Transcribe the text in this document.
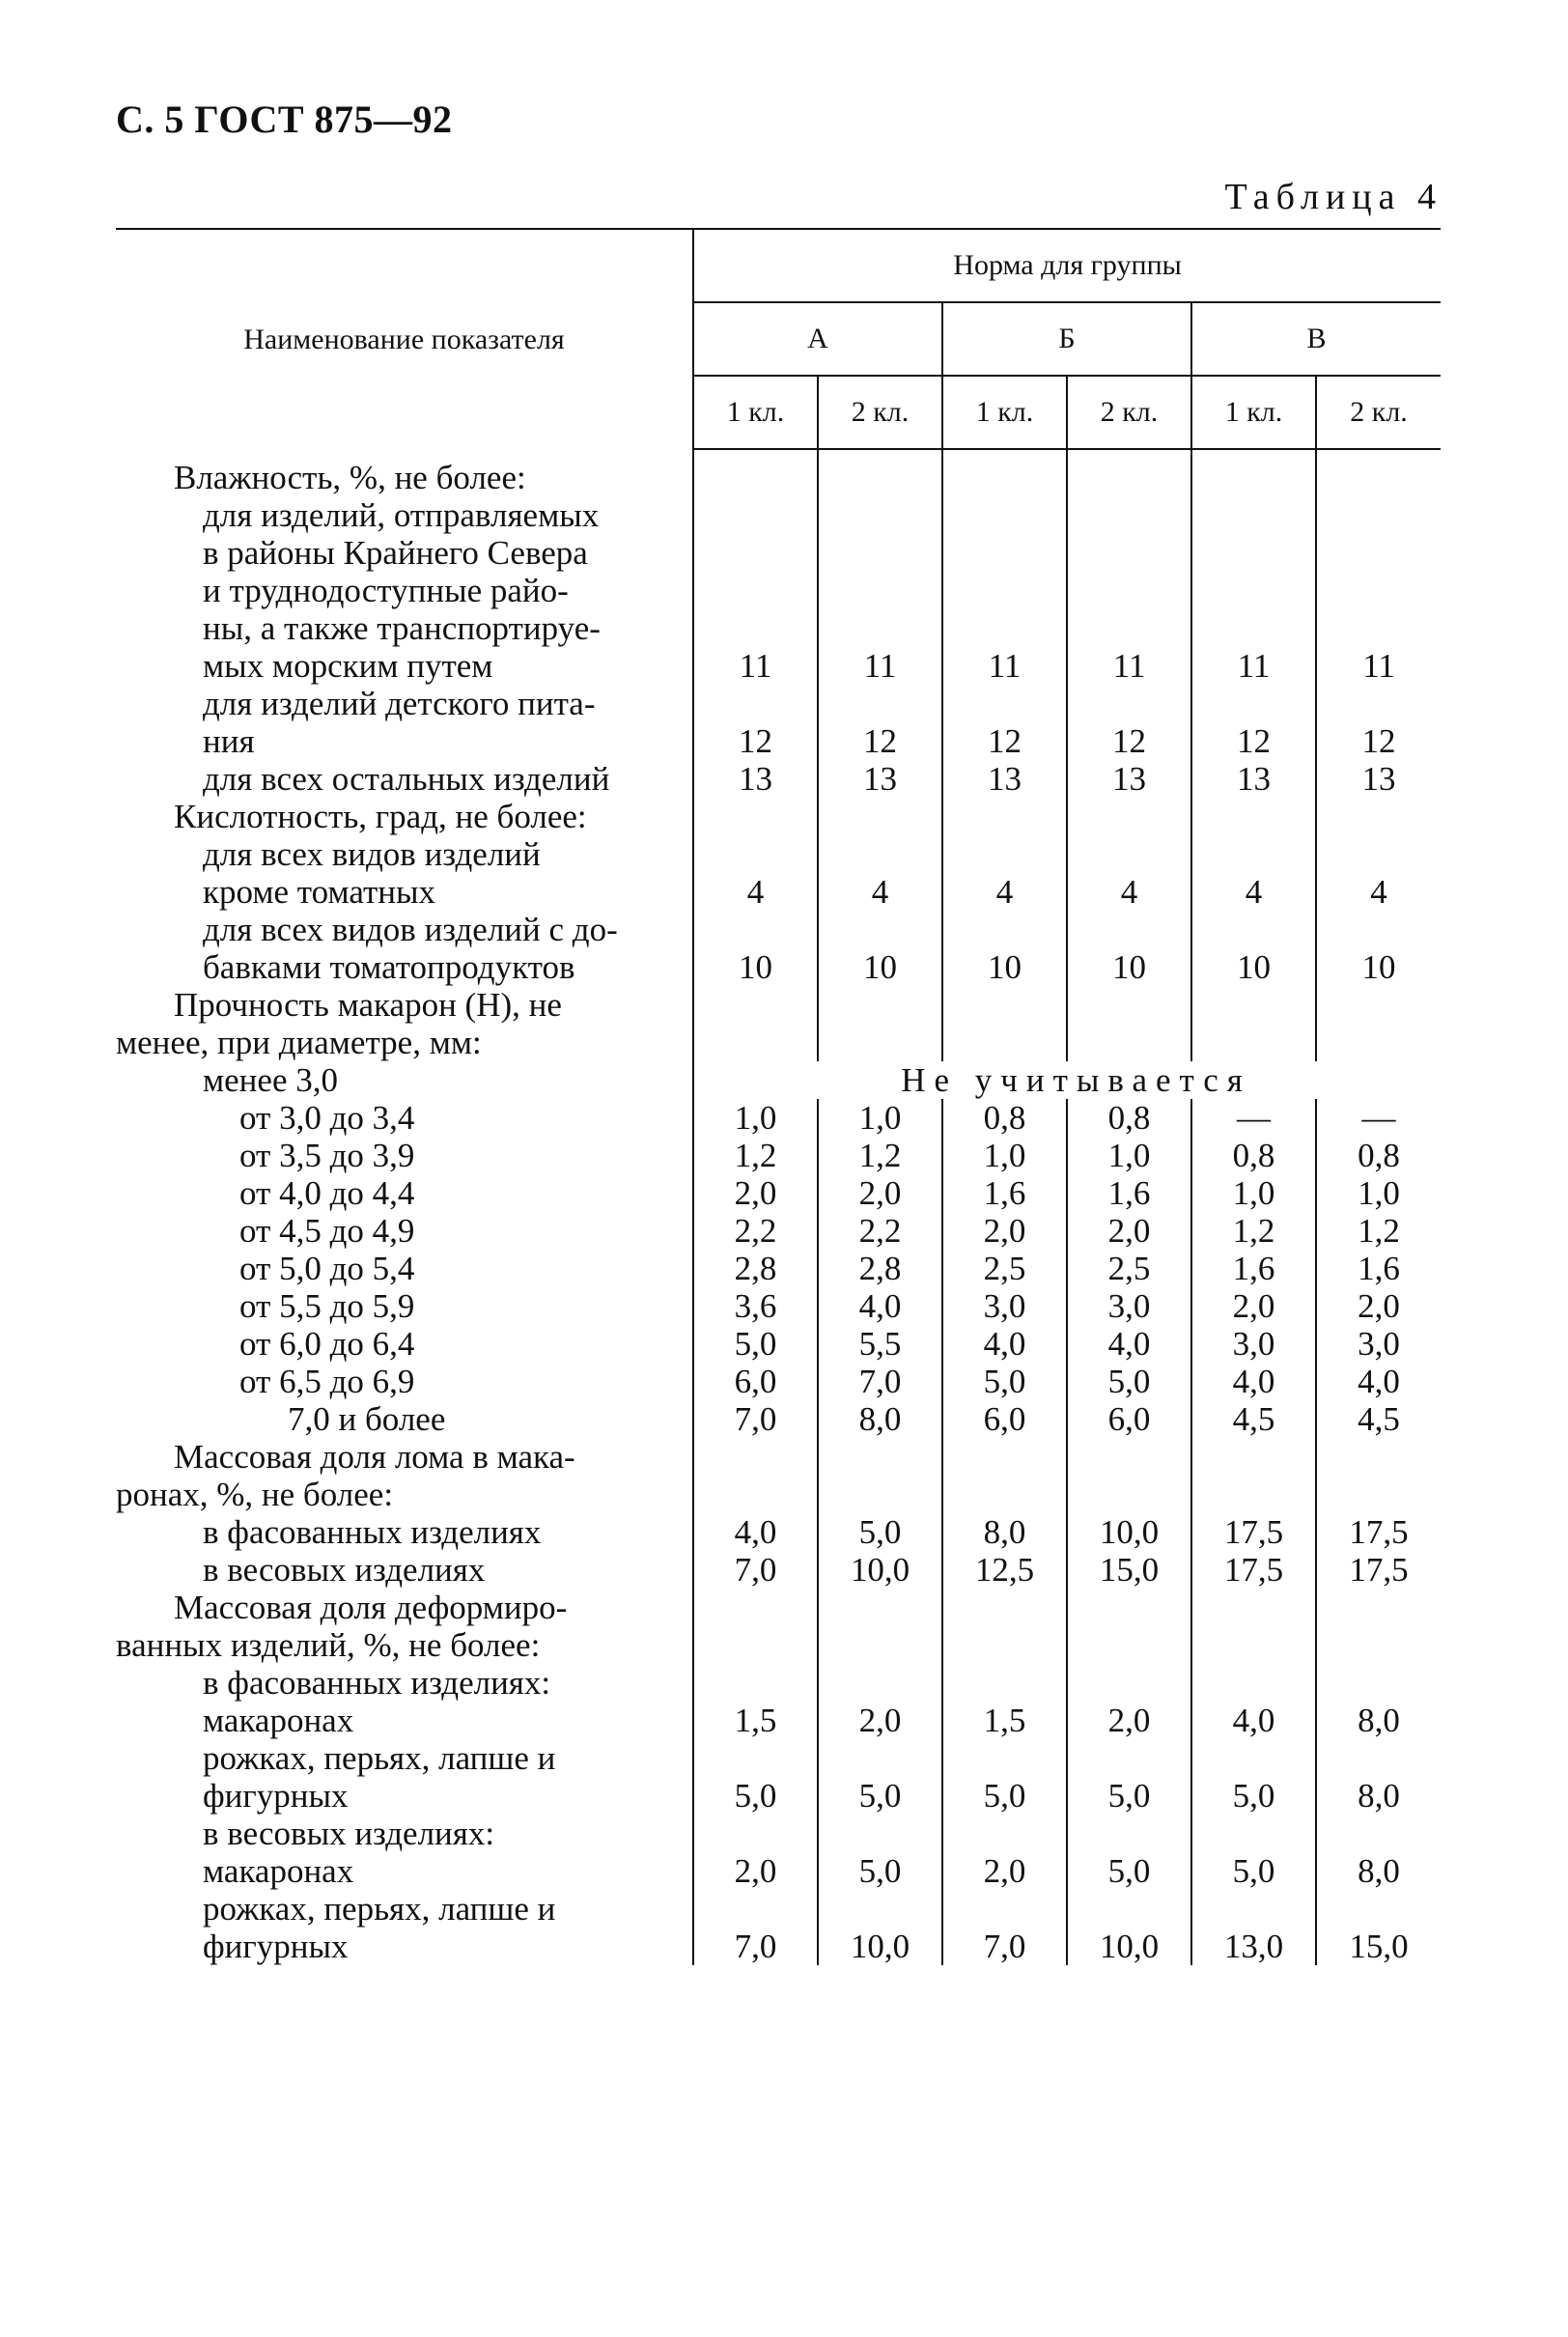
С. 5 ГОСТ 875—92
Таблица 4
Наименование показателя	Норма для группы					
	А		Б		В	
	1 кл.	2 кл.	1 кл.	2 кл.	1 кл.	2 кл.

Влажность, %, не более:						

для изделий, отправляемых
в районы Крайнего Севера
и труднодоступные райо-
ны, а также транспортируе-
мых морским путем	11	11	11	11	11	11

для изделий детского пита-
ния	12	12	12	12	12	12

для всех остальных изделий	13	13	13	13	13	13

Кислотность, град, не более:						

для всех видов изделий
кроме томатных	4	4	4	4	4	4

для всех видов изделий с до-
бавками томатопродуктов	10	10	10	10	10	10

Прочность макарон (Н), не
менее, при диаметре, мм:						

менее 3,0	Не учитывается					

от 3,0 до 3,4	1,0	1,0	0,8	0,8	—	—

от 3,5 до 3,9	1,2	1,2	1,0	1,0	0,8	0,8

от 4,0 до 4,4	2,0	2,0	1,6	1,6	1,0	1,0

от 4,5 до 4,9	2,2	2,2	2,0	2,0	1,2	1,2

от 5,0 до 5,4	2,8	2,8	2,5	2,5	1,6	1,6

от 5,5 до 5,9	3,6	4,0	3,0	3,0	2,0	2,0

от 6,0 до 6,4	5,0	5,5	4,0	4,0	3,0	3,0

от 6,5 до 6,9	6,0	7,0	5,0	5,0	4,0	4,0

7,0 и более	7,0	8,0	6,0	6,0	4,5	4,5

Массовая доля лома в мака-
ронах, %, не более:						

в фасованных изделиях	4,0	5,0	8,0	10,0	17,5	17,5

в весовых изделиях	7,0	10,0	12,5	15,0	17,5	17,5

Массовая доля деформиро-
ванных изделий, %, не более:						

в фасованных изделиях:						

макаронах	1,5	2,0	1,5	2,0	4,0	8,0

рожках, перьях, лапше и
фигурных	5,0	5,0	5,0	5,0	5,0	8,0

в весовых изделиях:						

макаронах	2,0	5,0	2,0	5,0	5,0	8,0

рожках, перьях, лапше и
фигурных	7,0	10,0	7,0	10,0	13,0	15,0
